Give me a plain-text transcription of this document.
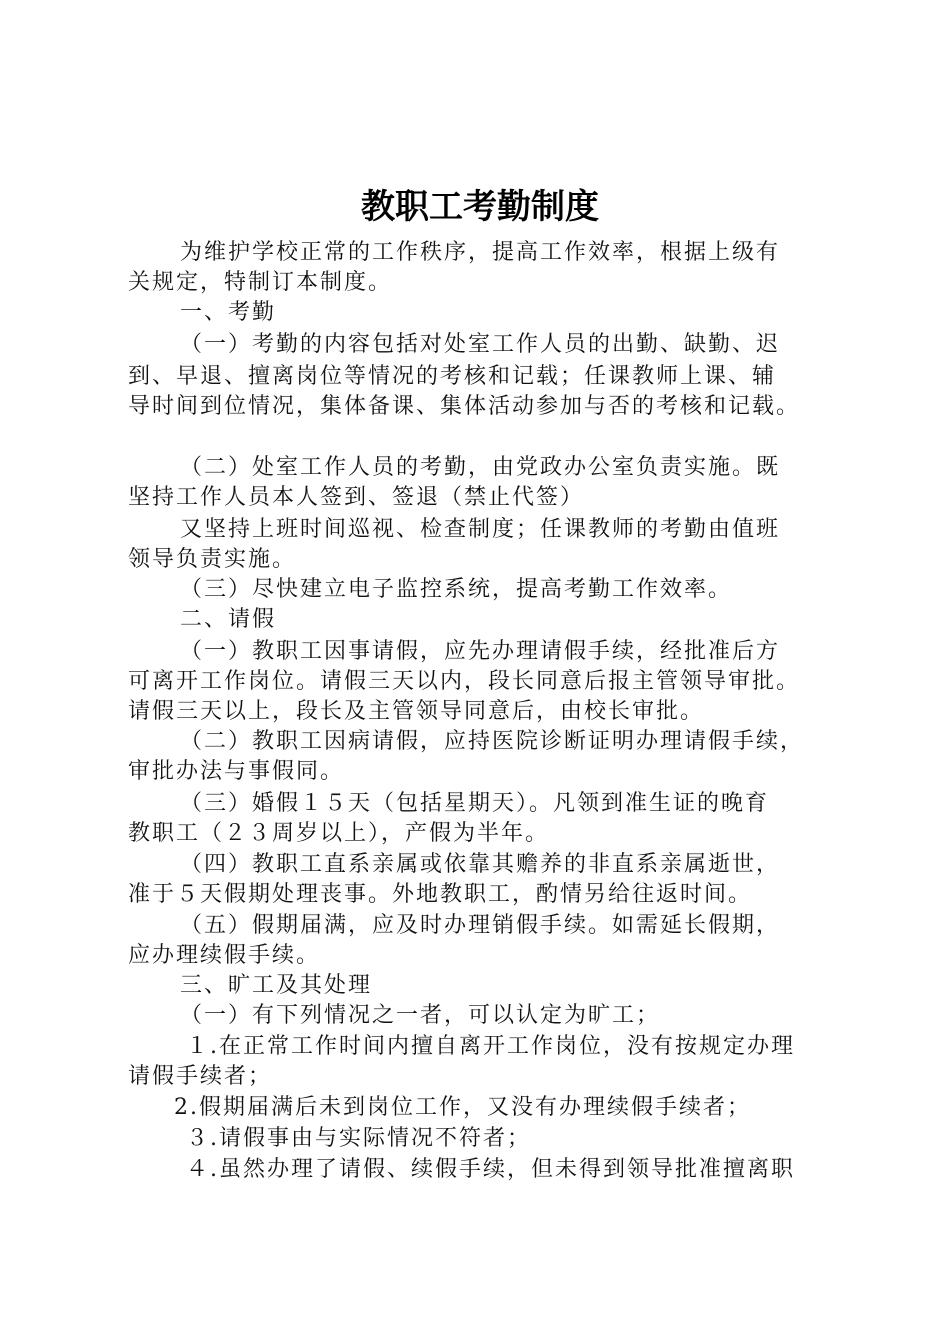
教职工考勤制度
为维护学校正常的工作秩序，提高工作效率，根据上级有
关规定，特制订本制度。
一、考勤
（一）考勤的内容包括对处室工作人员的出勤、缺勤、迟
到、早退、擅离岗位等情况的考核和记载；任课教师上课、辅
导时间到位情况，集体备课、集体活动参加与否的考核和记载。
（二）处室工作人员的考勤，由党政办公室负责实施。既
坚持工作人员本人签到、签退（禁止代签）
又坚持上班时间巡视、检查制度；任课教师的考勤由值班
领导负责实施。
（三）尽快建立电子监控系统，提高考勤工作效率。
二、请假
（一）教职工因事请假，应先办理请假手续，经批准后方
可离开工作岗位。请假三天以内，段长同意后报主管领导审批。
请假三天以上，段长及主管领导同意后，由校长审批。
（二）教职工因病请假，应持医院诊断证明办理请假手续，
审批办法与事假同。
（三）婚假１５天（包括星期天）。凡领到准生证的晚育
教职工（２３周岁以上），产假为半年。
（四）教职工直系亲属或依靠其赡养的非直系亲属逝世，
准于５天假期处理丧事。外地教职工，酌情另给往返时间。
（五）假期届满，应及时办理销假手续。如需延长假期，
应办理续假手续。
三、旷工及其处理
（一）有下列情况之一者，可以认定为旷工；
１.在正常工作时间内擅自离开工作岗位，没有按规定办理
请假手续者；
2.假期届满后未到岗位工作，又没有办理续假手续者；
３.请假事由与实际情况不符者；
４.虽然办理了请假、续假手续，但未得到领导批准擅离职
